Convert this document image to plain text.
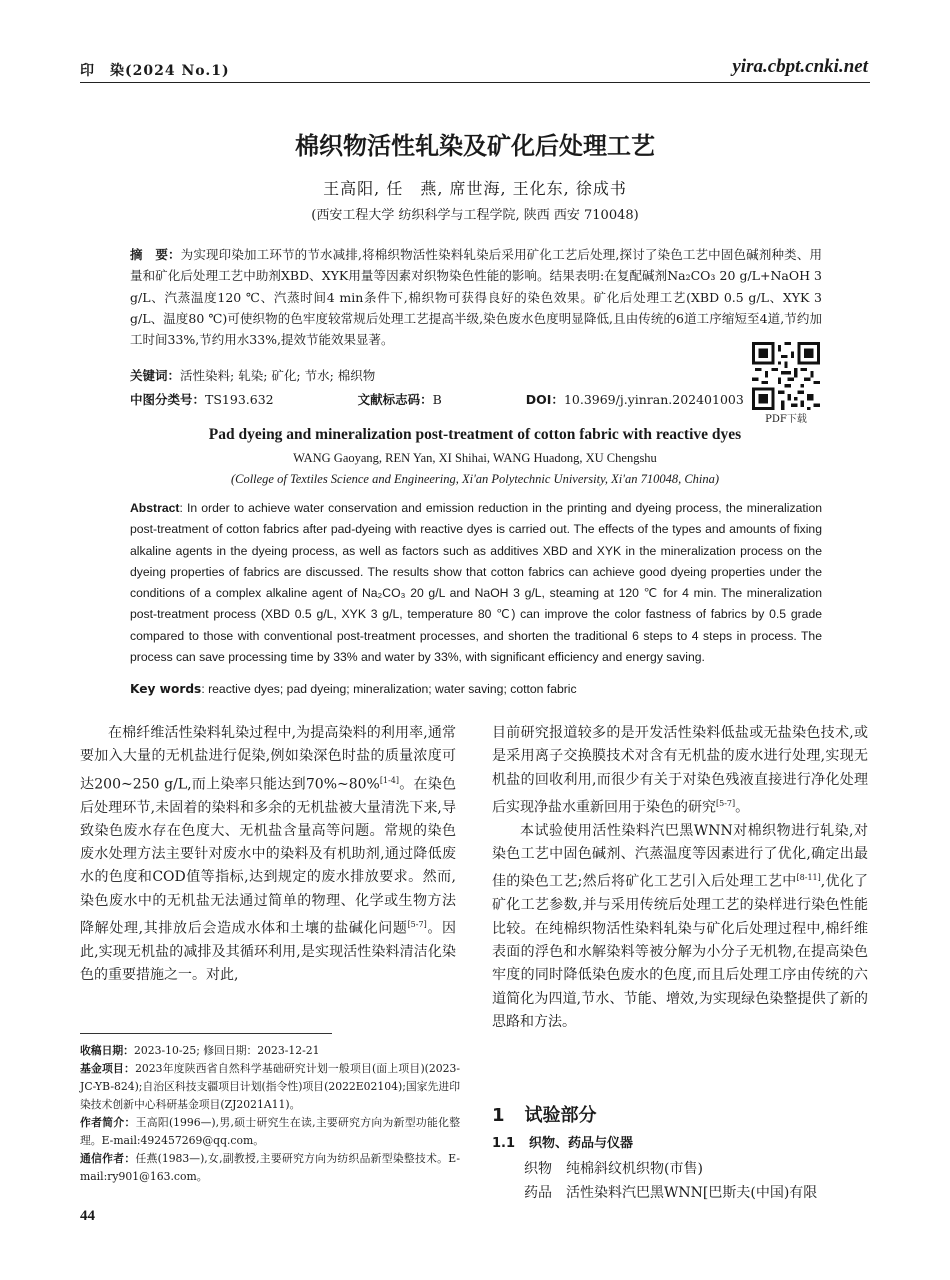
印　染(2024 No.1)	yira.cbpt.cnki.net
棉织物活性轧染及矿化后处理工艺
王高阳, 任　燕, 席世海, 王化东, 徐成书
(西安工程大学 纺织科学与工程学院, 陕西 西安 710048)
摘　要：为实现印染加工环节的节水减排,将棉织物活性染料轧染后采用矿化工艺后处理,探讨了染色工艺中固色碱剂种类、用量和矿化后处理工艺中助剂XBD、XYK用量等因素对织物染色性能的影响。结果表明:在复配碱剂Na₂CO₃ 20 g/L+NaOH 3 g/L、汽蒸温度120 ℃、汽蒸时间4 min条件下,棉织物可获得良好的染色效果。矿化后处理工艺(XBD 0.5 g/L、XYK 3 g/L、温度80 ℃)可使织物的色牢度较常规后处理工艺提高半级,染色废水色度明显降低,且由传统的6道工序缩短至4道,节约加工时间33%,节约用水33%,提效节能效果显著。
关键词：活性染料; 轧染; 矿化; 节水; 棉织物
中图分类号：TS193.632	文献标志码：B	DOI：10.3969/j.yinran.202401003
PDF下载
Pad dyeing and mineralization post-treatment of cotton fabric with reactive dyes
WANG Gaoyang, REN Yan, XI Shihai, WANG Huadong, XU Chengshu
(College of Textiles Science and Engineering, Xi'an Polytechnic University, Xi'an 710048, China)
Abstract: In order to achieve water conservation and emission reduction in the printing and dyeing process, the mineralization post-treatment of cotton fabrics after pad-dyeing with reactive dyes is carried out. The effects of the types and amounts of fixing alkaline agents in the dyeing process, as well as factors such as additives XBD and XYK in the mineralization process on the dyeing properties of fabrics are discussed. The results show that cotton fabrics can achieve good dyeing properties under the conditions of a complex alkaline agent of Na₂CO₃ 20 g/L and NaOH 3 g/L, steaming at 120 ℃ for 4 min. The mineralization post-treatment process (XBD 0.5 g/L, XYK 3 g/L, temperature 80 ℃) can improve the color fastness of fabrics by 0.5 grade compared to those with conventional post-treatment processes, and shorten the traditional 6 steps to 4 steps in process. The process can save processing time by 33% and water by 33%, with significant efficiency and energy saving.
Key words: reactive dyes; pad dyeing; mineralization; water saving; cotton fabric

在棉纤维活性染料轧染过程中,为提高染料的利用率,通常要加入大量的无机盐进行促染,例如染深色时盐的质量浓度可达200~250 g/L,而上染率只能达到70%~80%[1-4]。在染色后处理环节,未固着的染料和多余的无机盐被大量清洗下来,导致染色废水存在色度大、无机盐含量高等问题。常规的染色废水处理方法主要针对废水中的染料及有机助剂,通过降低废水的色度和COD值等指标,达到规定的废水排放要求。然而,染色废水中的无机盐无法通过简单的物理、化学或生物方法降解处理,其排放后会造成水体和土壤的盐碱化问题[5-7]。因此,实现无机盐的减排及其循环利用,是实现活性染料清洁化染色的重要措施之一。对此,

目前研究报道较多的是开发活性染料低盐或无盐染色技术,或是采用离子交换膜技术对含有无机盐的废水进行处理,实现无机盐的回收利用,而很少有关于对染色残液直接进行净化处理后实现净盐水重新回用于染色的研究[5-7]。

本试验使用活性染料汽巴黑WNN对棉织物进行轧染,对染色工艺中固色碱剂、汽蒸温度等因素进行了优化,确定出最佳的染色工艺;然后将矿化工艺引入后处理工艺中[8-11],优化了矿化工艺参数,并与采用传统后处理工艺的染样进行染色性能比较。在纯棉织物活性染料轧染与矿化后处理过程中,棉纤维表面的浮色和水解染料等被分解为小分子无机物,在提高染色牢度的同时降低染色废水的色度,而且后处理工序由传统的六道简化为四道,节水、节能、增效,为实现绿色染整提供了新的思路和方法。

收稿日期：2023-10-25; 修回日期：2023-12-21

基金项目：2023年度陕西省自然科学基础研究计划一般项目(面上项目)(2023-JC-YB-824);自治区科技支疆项目计划(指令性)项目(2022E02104);国家先进印染技术创新中心科研基金项目(ZJ2021A11)。

作者简介：王高阳(1996—),男,硕士研究生在读,主要研究方向为新型功能化整理。E-mail:492457269@qq.com。

通信作者：任燕(1983—),女,副教授,主要研究方向为纺织品新型染整技术。E-mail:ry901@163.com。

1 试验部分
1.1 织物、药品与仪器
织物 纯棉斜纹机织物(市售)
药品 活性染料汽巴黑WNN[巴斯夫(中国)有限
44
